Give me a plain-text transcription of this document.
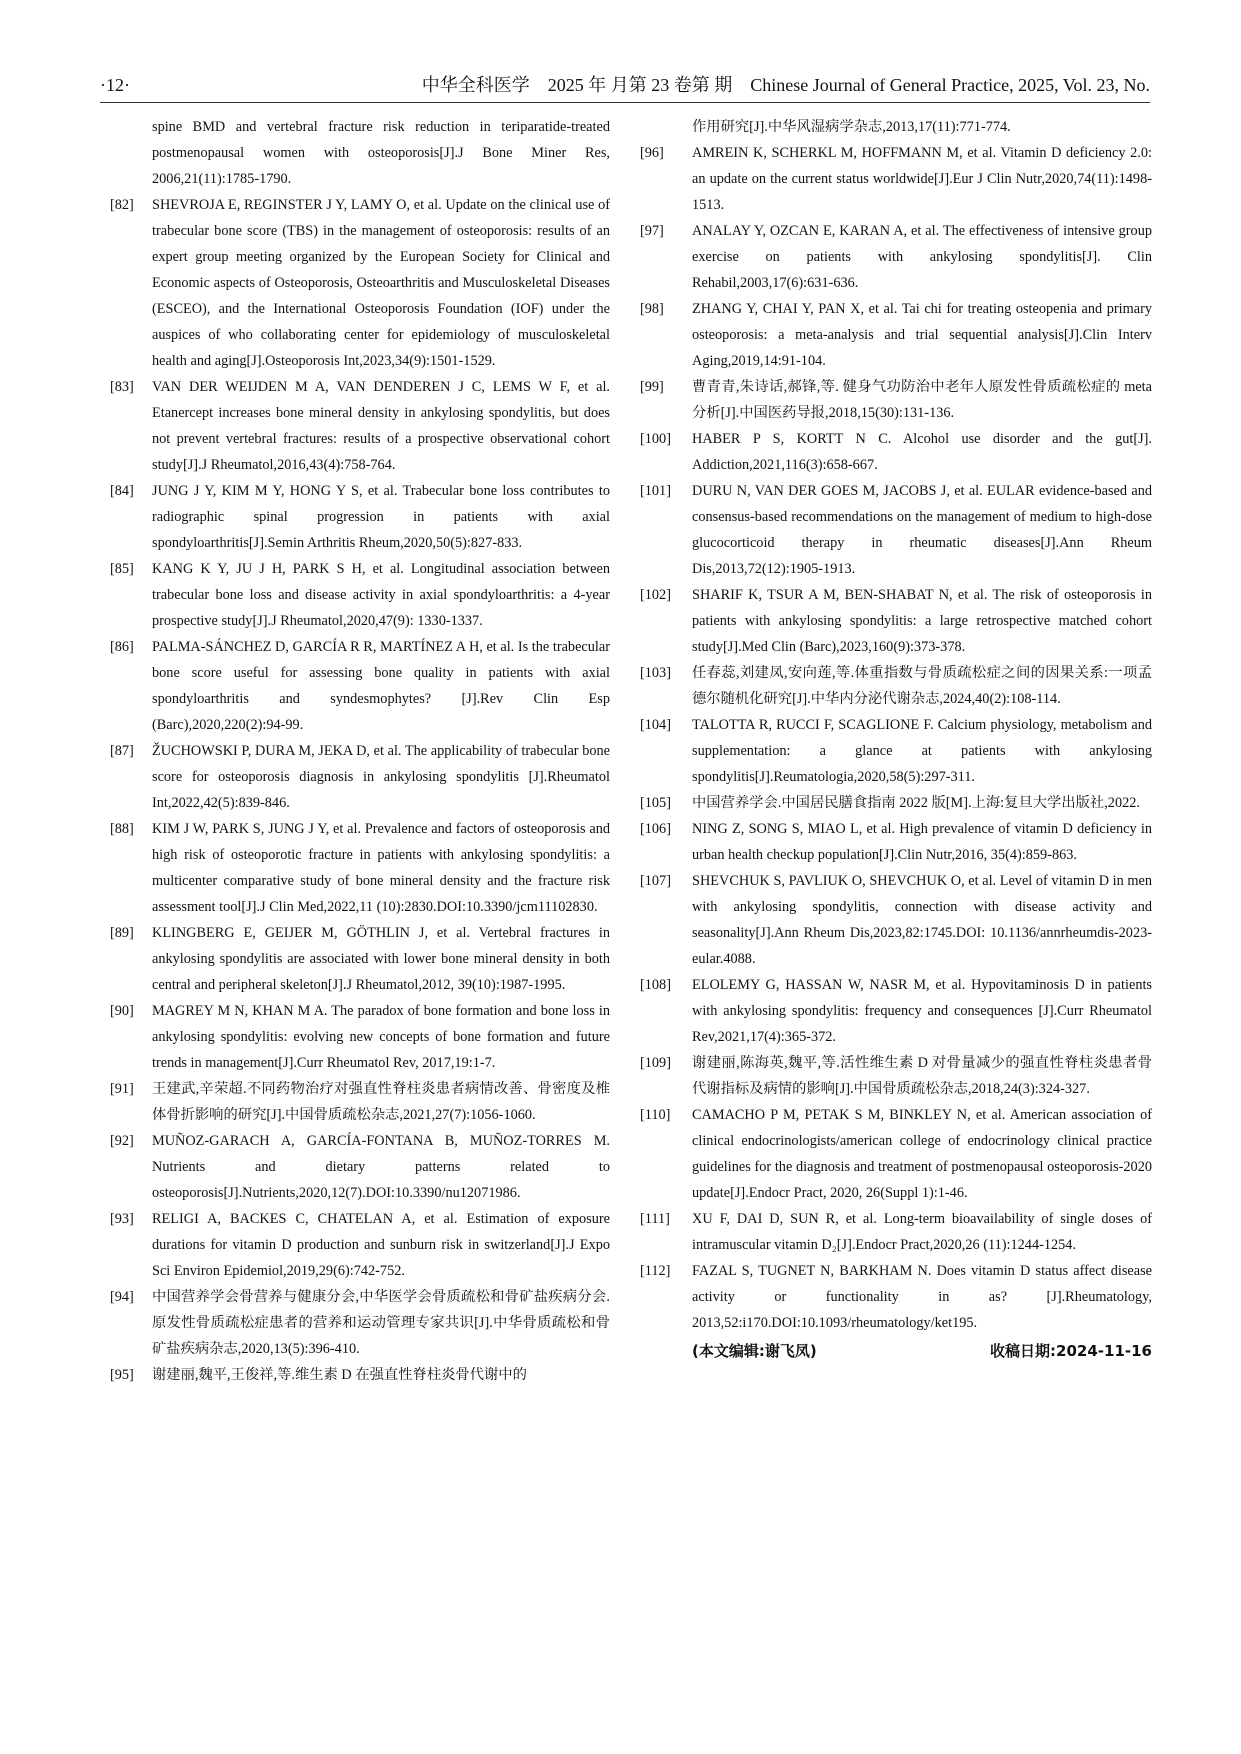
·12·	中华全科医学　2025 年 月第 23 卷第 期　Chinese Journal of General Practice, 2025, Vol. 23, No.
spine BMD and vertebral fracture risk reduction in teriparatide-treated postmenopausal women with osteoporosis[J].J Bone Miner Res, 2006,21(11):1785-1790.
[82] SHEVROJA E, REGINSTER J Y, LAMY O, et al. Update on the clinical use of trabecular bone score (TBS) in the management of osteoporosis: results of an expert group meeting organized by the European Society for Clinical and Economic aspects of Osteoporosis, Osteoarthritis and Musculoskeletal Diseases (ESCEO), and the International Osteoporosis Foundation (IOF) under the auspices of who collaborating center for epidemiology of musculoskeletal health and aging[J].Osteoporosis Int,2023,34(9):1501-1529.
[83] VAN DER WEIJDEN M A, VAN DENDEREN J C, LEMS W F, et al. Etanercept increases bone mineral density in ankylosing spondylitis, but does not prevent vertebral fractures: results of a prospective observational cohort study[J].J Rheumatol,2016,43(4):758-764.
[84] JUNG J Y, KIM M Y, HONG Y S, et al. Trabecular bone loss contributes to radiographic spinal progression in patients with axial spondyloarthritis[J].Semin Arthritis Rheum,2020,50(5):827-833.
[85] KANG K Y, JU J H, PARK S H, et al. Longitudinal association between trabecular bone loss and disease activity in axial spondyloarthritis: a 4-year prospective study[J].J Rheumatol,2020,47(9): 1330-1337.
[86] PALMA-SÁNCHEZ D, GARCÍA R R, MARTÍNEZ A H, et al. Is the trabecular bone score useful for assessing bone quality in patients with axial spondyloarthritis and syndesmophytes? [J].Rev Clin Esp (Barc),2020,220(2):94-99.
[87] ŽUCHOWSKI P, DURA M, JEKA D, et al. The applicability of trabecular bone score for osteoporosis diagnosis in ankylosing spondylitis [J].Rheumatol Int,2022,42(5):839-846.
[88] KIM J W, PARK S, JUNG J Y, et al. Prevalence and factors of osteoporosis and high risk of osteoporotic fracture in patients with ankylosing spondylitis: a multicenter comparative study of bone mineral density and the fracture risk assessment tool[J].J Clin Med,2022,11 (10):2830.DOI:10.3390/jcm11102830.
[89] KLINGBERG E, GEIJER M, GÖTHLIN J, et al. Vertebral fractures in ankylosing spondylitis are associated with lower bone mineral density in both central and peripheral skeleton[J].J Rheumatol,2012, 39(10):1987-1995.
[90] MAGREY M N, KHAN M A. The paradox of bone formation and bone loss in ankylosing spondylitis: evolving new concepts of bone formation and future trends in management[J].Curr Rheumatol Rev, 2017,19:1-7.
[91] 王建武,辛荣超.不同药物治疗对强直性脊柱炎患者病情改善、骨密度及椎体骨折影响的研究[J].中国骨质疏松杂志,2021,27(7):1056-1060.
[92] MUÑOZ-GARACH A, GARCÍA-FONTANA B, MUÑOZ-TORRES M. Nutrients and dietary patterns related to osteoporosis[J].Nutrients,2020,12(7).DOI:10.3390/nu12071986.
[93] RELIGI A, BACKES C, CHATELAN A, et al. Estimation of exposure durations for vitamin D production and sunburn risk in switzerland[J].J Expo Sci Environ Epidemiol,2019,29(6):742-752.
[94] 中国营养学会骨营养与健康分会,中华医学会骨质疏松和骨矿盐疾病分会.原发性骨质疏松症患者的营养和运动管理专家共识[J].中华骨质疏松和骨矿盐疾病杂志,2020,13(5):396-410.
[95] 谢建丽,魏平,王俊祥,等.维生素 D 在强直性脊柱炎骨代谢中的
作用研究[J].中华风湿病学杂志,2013,17(11):771-774.
[96] AMREIN K, SCHERKL M, HOFFMANN M, et al. Vitamin D deficiency 2.0: an update on the current status worldwide[J].Eur J Clin Nutr,2020,74(11):1498-1513.
[97] ANALAY Y, OZCAN E, KARAN A, et al. The effectiveness of intensive group exercise on patients with ankylosing spondylitis[J]. Clin Rehabil,2003,17(6):631-636.
[98] ZHANG Y, CHAI Y, PAN X, et al. Tai chi for treating osteopenia and primary osteoporosis: a meta-analysis and trial sequential analysis[J].Clin Interv Aging,2019,14:91-104.
[99] 曹青青,朱诗话,郝锋,等. 健身气功防治中老年人原发性骨质疏松症的 meta 分析[J].中国医药导报,2018,15(30):131-136.
[100] HABER P S, KORTT N C. Alcohol use disorder and the gut[J]. Addiction,2021,116(3):658-667.
[101] DURU N, VAN DER GOES M, JACOBS J, et al. EULAR evidence-based and consensus-based recommendations on the management of medium to high-dose glucocorticoid therapy in rheumatic diseases[J].Ann Rheum Dis,2013,72(12):1905-1913.
[102] SHARIF K, TSUR A M, BEN-SHABAT N, et al. The risk of osteoporosis in patients with ankylosing spondylitis: a large retrospective matched cohort study[J].Med Clin (Barc),2023,160(9):373-378.
[103] 任春蕊,刘建凤,安向莲,等.体重指数与骨质疏松症之间的因果关系:一项孟德尔随机化研究[J].中华内分泌代谢杂志,2024,40(2):108-114.
[104] TALOTTA R, RUCCI F, SCAGLIONE F. Calcium physiology, metabolism and supplementation: a glance at patients with ankylosing spondylitis[J].Reumatologia,2020,58(5):297-311.
[105] 中国营养学会.中国居民膳食指南 2022 版[M].上海:复旦大学出版社,2022.
[106] NING Z, SONG S, MIAO L, et al. High prevalence of vitamin D deficiency in urban health checkup population[J].Clin Nutr,2016, 35(4):859-863.
[107] SHEVCHUK S, PAVLIUK O, SHEVCHUK O, et al. Level of vitamin D in men with ankylosing spondylitis, connection with disease activity and seasonality[J].Ann Rheum Dis,2023,82:1745.DOI: 10.1136/annrheumdis-2023-eular.4088.
[108] ELOLEMY G, HASSAN W, NASR M, et al. Hypovitaminosis D in patients with ankylosing spondylitis: frequency and consequences [J].Curr Rheumatol Rev,2021,17(4):365-372.
[109] 谢建丽,陈海英,魏平,等.活性维生素 D 对骨量减少的强直性脊柱炎患者骨代谢指标及病情的影响[J].中国骨质疏松杂志,2018,24(3):324-327.
[110] CAMACHO P M, PETAK S M, BINKLEY N, et al. American association of clinical endocrinologists/american college of endocrinology clinical practice guidelines for the diagnosis and treatment of postmenopausal osteoporosis-2020 update[J].Endocr Pract, 2020, 26(Suppl 1):1-46.
[111] XU F, DAI D, SUN R, et al. Long-term bioavailability of single doses of intramuscular vitamin D₂[J].Endocr Pract,2020,26 (11):1244-1254.
[112] FAZAL S, TUGNET N, BARKHAM N. Does vitamin D status affect disease activity or functionality in as? [J].Rheumatology, 2013,52:i170.DOI:10.1093/rheumatology/ket195.
(本文编辑:谢飞凤)	收稿日期:2024-11-16
